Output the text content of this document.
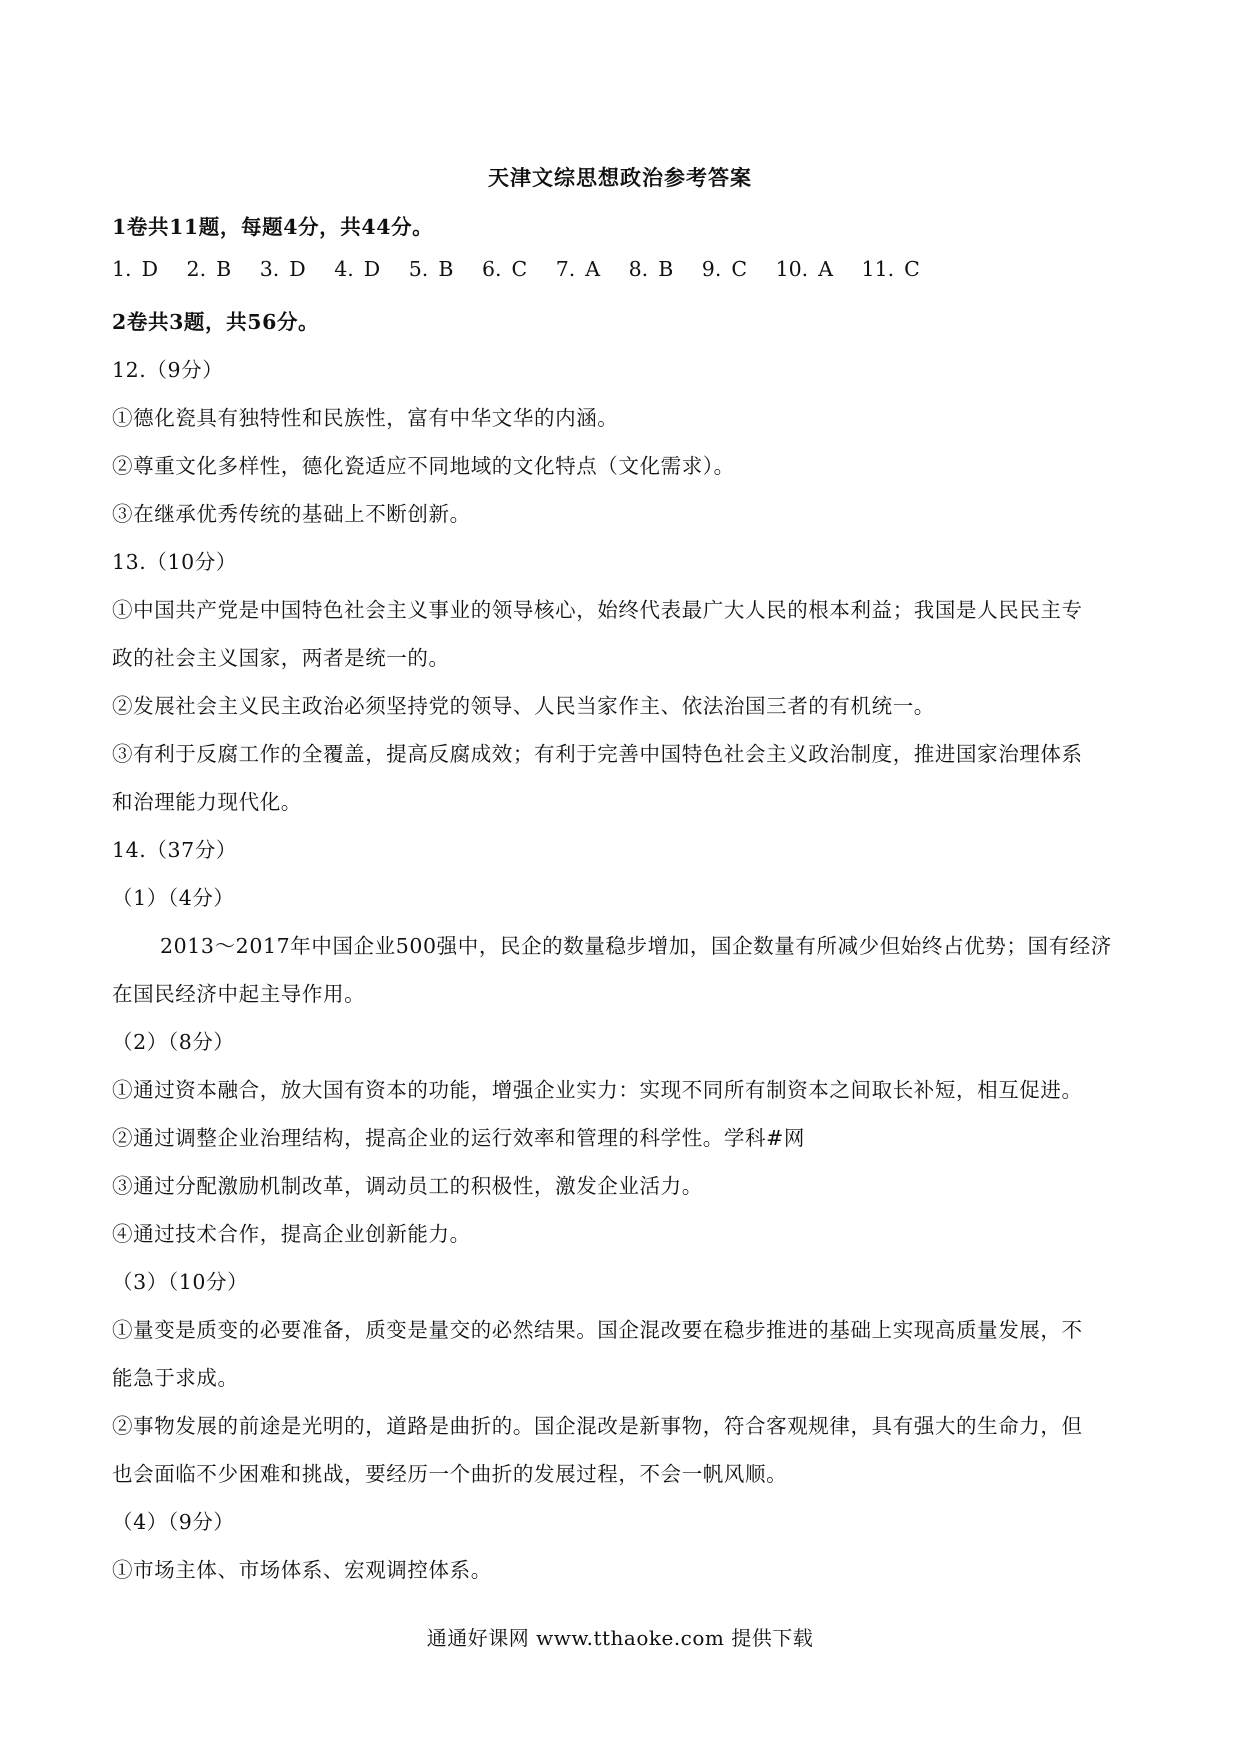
天津文综思想政治参考答案
1卷共11题，每题4分，共44分。
1. D 2. B 3. D 4. D 5. B 6. C 7. A 8. B 9. C 10. A 11. C
2卷共3题，共56分。
12.（9分）
①德化瓷具有独特性和民族性，富有中华文华的内涵。
②尊重文化多样性，德化瓷适应不同地域的文化特点（文化需求）。
③在继承优秀传统的基础上不断创新。
13.（10分）
①中国共产党是中国特色社会主义事业的领导核心，始终代表最广大人民的根本利益；我国是人民民主专
政的社会主义国家，两者是统一的。
②发展社会主义民主政治必须坚持党的领导、人民当家作主、依法治国三者的有机统一。
③有利于反腐工作的全覆盖，提高反腐成效；有利于完善中国特色社会主义政治制度，推进国家治理体系
和治理能力现代化。
14.（37分）
（1）（4分）
2013～2017年中国企业500强中，民企的数量稳步增加，国企数量有所减少但始终占优势；国有经济
在国民经济中起主导作用。
（2）（8分）
①通过资本融合，放大国有资本的功能，增强企业实力：实现不同所有制资本之间取长补短，相互促进。
②通过调整企业治理结构，提高企业的运行效率和管理的科学性。学科#网
③通过分配激励机制改革，调动员工的积极性，激发企业活力。
④通过技术合作，提高企业创新能力。
（3）（10分）
①量变是质变的必要准备，质变是量交的必然结果。国企混改要在稳步推进的基础上实现高质量发展，不
能急于求成。
②事物发展的前途是光明的，道路是曲折的。国企混改是新事物，符合客观规律，具有强大的生命力，但
也会面临不少困难和挑战，要经历一个曲折的发展过程，不会一帆风顺。
（4）（9分）
①市场主体、市场体系、宏观调控体系。
通通好课网 www.tthaoke.com 提供下载
